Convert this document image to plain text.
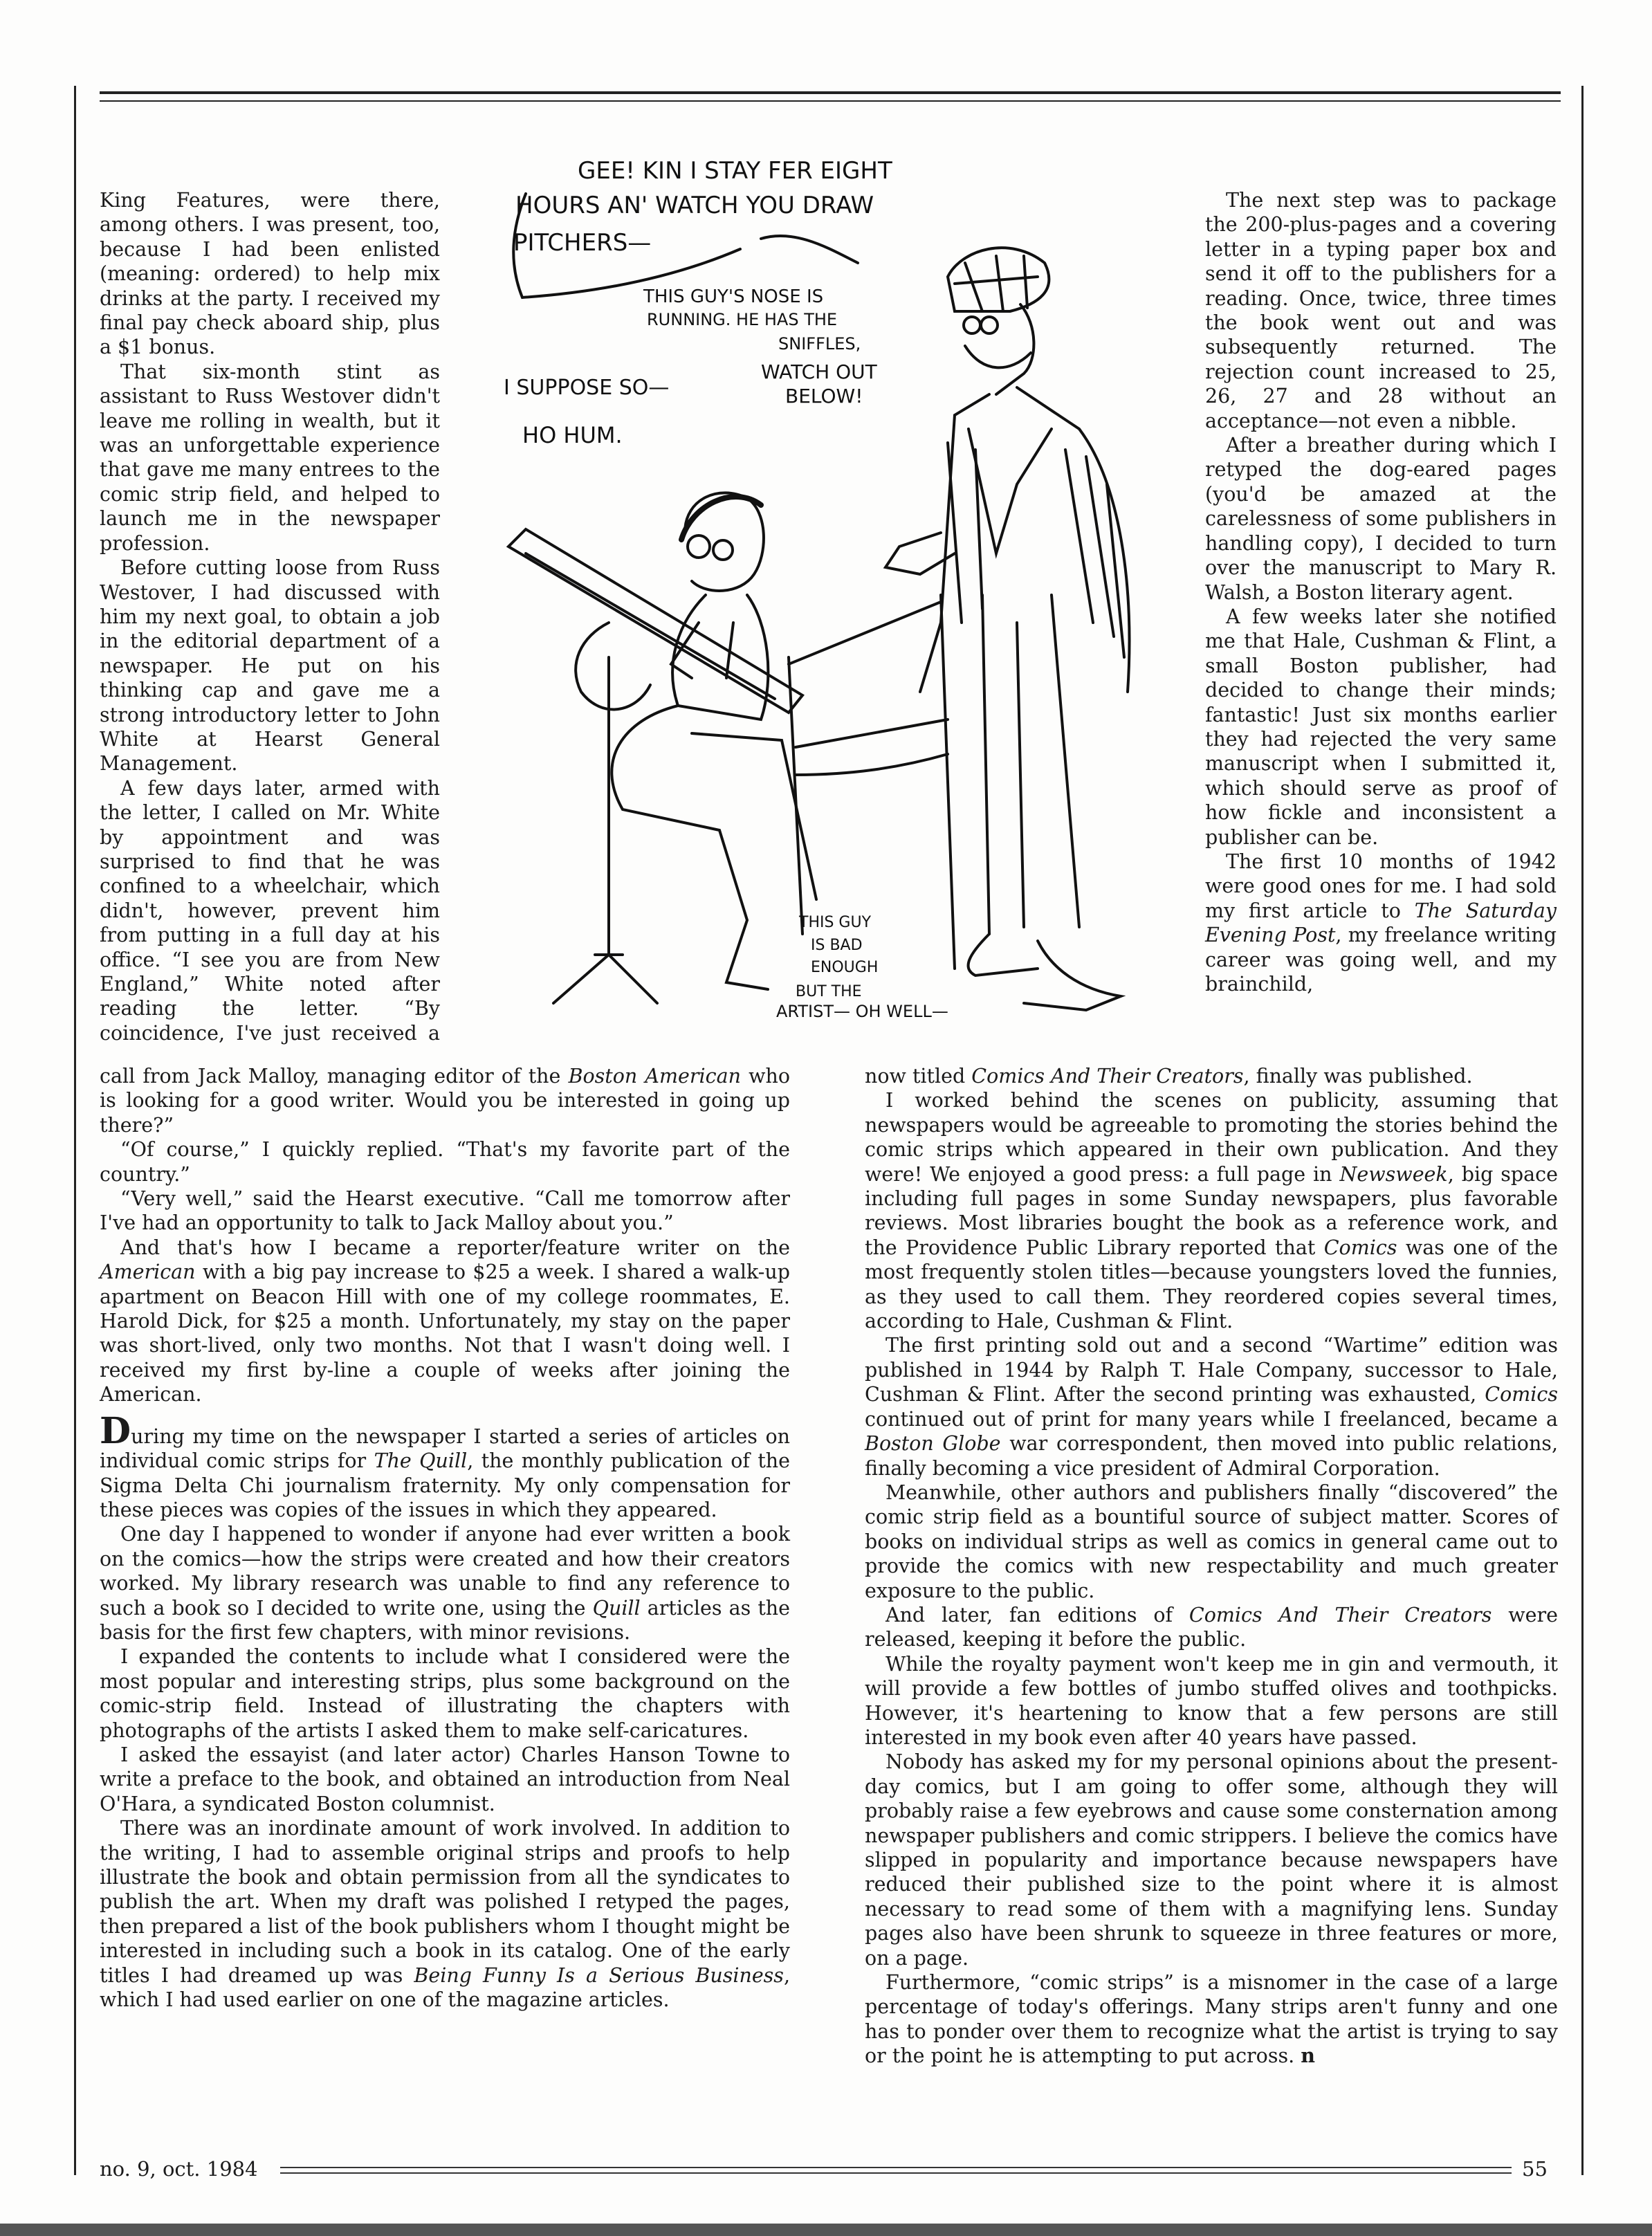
King Features, were there, among others. I was present, too, because I had been enlisted (meaning: ordered) to help mix drinks at the party. I received my final pay check aboard ship, plus a $1 bonus.

That six-month stint as assistant to Russ Westover didn't leave me rolling in wealth, but it was an unforgettable experience that gave me many entrees to the comic strip field, and helped to launch me in the newspaper profession.

Before cutting loose from Russ Westover, I had discussed with him my next goal, to obtain a job in the editorial department of a newspaper. He put on his thinking cap and gave me a strong introductory letter to John White at Hearst General Management.

A few days later, armed with the letter, I called on Mr. White by appointment and was surprised to find that he was confined to a wheelchair, which didn't, however, prevent him from putting in a full day at his office. “I see you are from New England,” White noted after reading the letter. “By coincidence, I've just received a

The next step was to package the 200-plus-pages and a covering letter in a typing paper box and send it off to the publishers for a reading. Once, twice, three times the book went out and was subsequently returned. The rejection count increased to 25, 26, 27 and 28 without an acceptance—not even a nibble.

After a breather during which I retyped the dog-eared pages (you'd be amazed at the carelessness of some publishers in handling copy), I decided to turn over the manuscript to Mary R. Walsh, a Boston literary agent.

A few weeks later she notified me that Hale, Cushman & Flint, a small Boston publisher, had decided to change their minds; fantastic! Just six months earlier they had rejected the very same manuscript when I submitted it, which should serve as proof of how fickle and inconsistent a publisher can be.

The first 10 months of 1942 were good ones for me. I had sold my first article to The Saturday Evening Post, my freelance writing career was going well, and my brainchild,

call from Jack Malloy, managing editor of the Boston American who is looking for a good writer. Would you be interested in going up there?”

“Of course,” I quickly replied. “That's my favorite part of the country.”

“Very well,” said the Hearst executive. “Call me tomorrow after I've had an opportunity to talk to Jack Malloy about you.”

And that's how I became a reporter/feature writer on the American with a big pay increase to $25 a week. I shared a walk-up apartment on Beacon Hill with one of my college roommates, E. Harold Dick, for $25 a month. Unfortunately, my stay on the paper was short-lived, only two months. Not that I wasn't doing well. I received my first by-line a couple of weeks after joining the American.

During my time on the newspaper I started a series of articles on individual comic strips for The Quill, the monthly publication of the Sigma Delta Chi journalism fraternity. My only compensation for these pieces was copies of the issues in which they appeared.

One day I happened to wonder if anyone had ever written a book on the comics—how the strips were created and how their creators worked. My library research was unable to find any reference to such a book so I decided to write one, using the Quill articles as the basis for the first few chapters, with minor revisions.

I expanded the contents to include what I considered were the most popular and interesting strips, plus some background on the comic-strip field. Instead of illustrating the chapters with photographs of the artists I asked them to make self-caricatures.

I asked the essayist (and later actor) Charles Hanson Towne to write a preface to the book, and obtained an introduction from Neal O'Hara, a syndicated Boston columnist.

There was an inordinate amount of work involved. In addition to the writing, I had to assemble original strips and proofs to help illustrate the book and obtain permission from all the syndicates to publish the art. When my draft was polished I retyped the pages, then prepared a list of the book publishers whom I thought might be interested in including such a book in its catalog. One of the early titles I had dreamed up was Being Funny Is a Serious Business, which I had used earlier on one of the magazine articles.

now titled Comics And Their Creators, finally was published.

I worked behind the scenes on publicity, assuming that newspapers would be agreeable to promoting the stories behind the comic strips which appeared in their own publication. And they were! We enjoyed a good press: a full page in Newsweek, big space including full pages in some Sunday newspapers, plus favorable reviews. Most libraries bought the book as a reference work, and the Providence Public Library reported that Comics was one of the most frequently stolen titles—because youngsters loved the funnies, as they used to call them. They reordered copies several times, according to Hale, Cushman & Flint.

The first printing sold out and a second “Wartime” edition was published in 1944 by Ralph T. Hale Company, successor to Hale, Cushman & Flint. After the second printing was exhausted, Comics continued out of print for many years while I freelanced, became a Boston Globe war correspondent, then moved into public relations, finally becoming a vice president of Admiral Corporation.

Meanwhile, other authors and publishers finally “discovered” the comic strip field as a bountiful source of subject matter. Scores of books on individual strips as well as comics in general came out to provide the comics with new respectability and much greater exposure to the public.

And later, fan editions of Comics And Their Creators were released, keeping it before the public.

While the royalty payment won't keep me in gin and vermouth, it will provide a few bottles of jumbo stuffed olives and toothpicks. However, it's heartening to know that a few persons are still interested in my book even after 40 years have passed.

Nobody has asked my for my personal opinions about the present-day comics, but I am going to offer some, although they will probably raise a few eyebrows and cause some consternation among newspaper publishers and comic strippers. I believe the comics have slipped in popularity and importance because newspapers have reduced their published size to the point where it is almost necessary to read some of them with a magnifying lens. Sunday pages also have been shrunk to squeeze in three features or more, on a page.

Furthermore, “comic strips” is a misnomer in the case of a large percentage of today's offerings. Many strips aren't funny and one has to ponder over them to recognize what the artist is trying to say or the point he is attempting to put across. n

GEE! KIN I STAY FER EIGHT
HOURS AN' WATCH YOU DRAW
PITCHERS—
THIS GUY'S NOSE IS
RUNNING. HE HAS THE
SNIFFLES,
WATCH OUT
BELOW!
I SUPPOSE SO—
HO HUM.
THIS GUY
IS BAD
ENOUGH
BUT THE
ARTIST— OH WELL—
no. 9, oct. 1984	55
